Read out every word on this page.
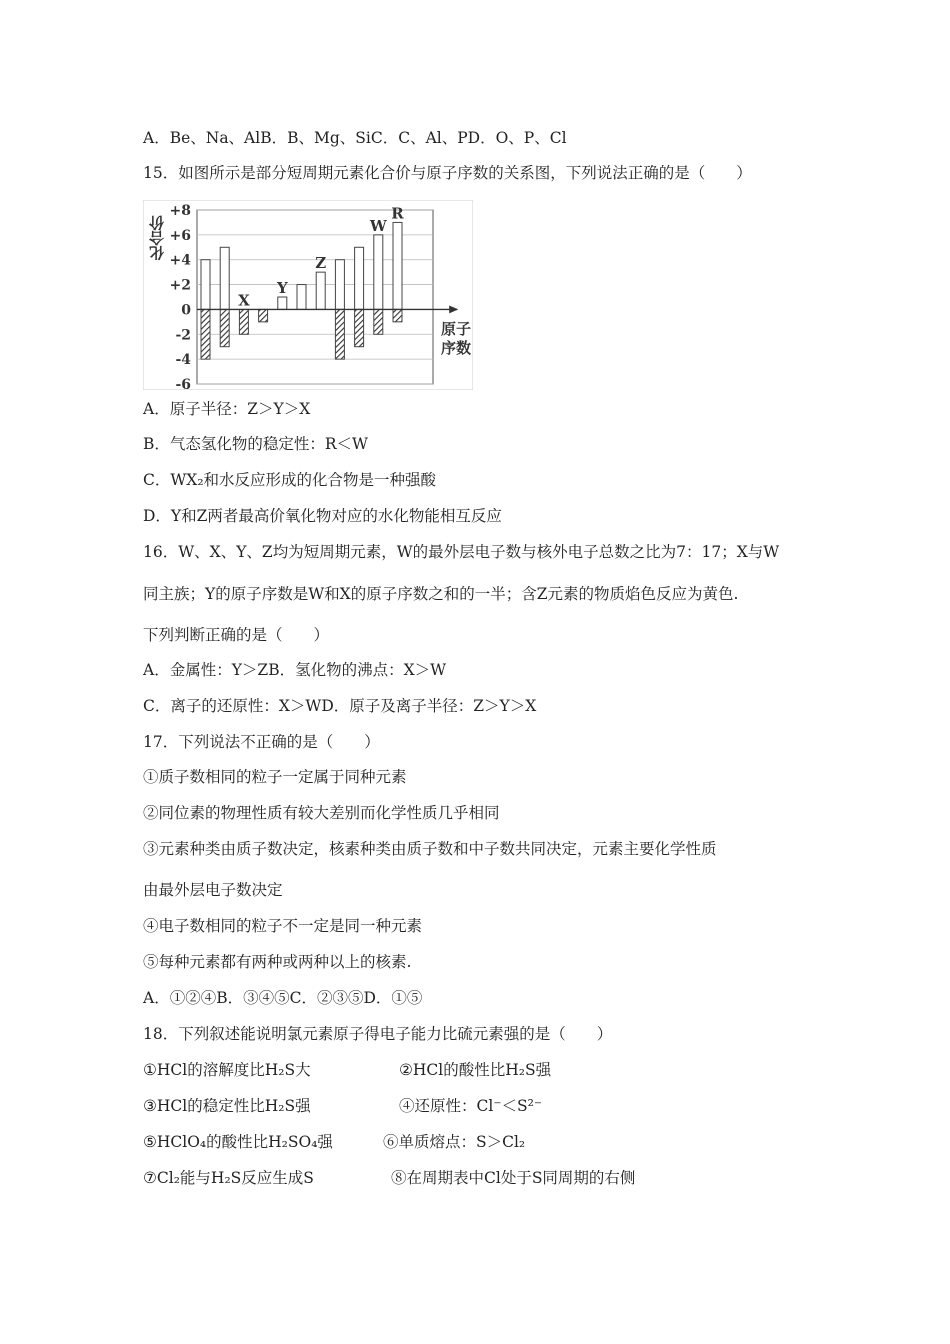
A．Be、Na、AlB．B、Mg、SiC．C、Al、PD．O、P、Cl
15．如图所示是部分短周期元素化合价与原子序数的关系图，下列说法正确的是（　　）
+8
+6
+4
+2
0
-2
-4
-6
X
Y
Z
W
R
化合价
原子
序数
A．原子半径：Z＞Y＞X
B．气态氢化物的稳定性：R＜W
C．WX₂和水反应形成的化合物是一种强酸
D．Y和Z两者最高价氧化物对应的水化物能相互反应
16．W、X、Y、Z均为短周期元素，W的最外层电子数与核外电子总数之比为7：17；X与W
同主族；Y的原子序数是W和X的原子序数之和的一半；含Z元素的物质焰色反应为黄色.
下列判断正确的是（　　）
A．金属性：Y＞ZB．氢化物的沸点：X＞W
C．离子的还原性：X＞WD．原子及离子半径：Z＞Y＞X
17．下列说法不正确的是（　　）
①质子数相同的粒子一定属于同种元素
②同位素的物理性质有较大差别而化学性质几乎相同
③元素种类由质子数决定，核素种类由质子数和中子数共同决定，元素主要化学性质
由最外层电子数决定
④电子数相同的粒子不一定是同一种元素
⑤每种元素都有两种或两种以上的核素.
A．①②④B．③④⑤C．②③⑤D．①⑤
18．下列叙述能说明氯元素原子得电子能力比硫元素强的是（　　）
①HCl的溶解度比H₂S大	②HCl的酸性比H₂S强
③HCl的稳定性比H₂S强	④还原性：Cl⁻＜S²⁻
⑤HClO₄的酸性比H₂SO₄强	⑥单质熔点：S＞Cl₂
⑦Cl₂能与H₂S反应生成S	⑧在周期表中Cl处于S同周期的右侧
